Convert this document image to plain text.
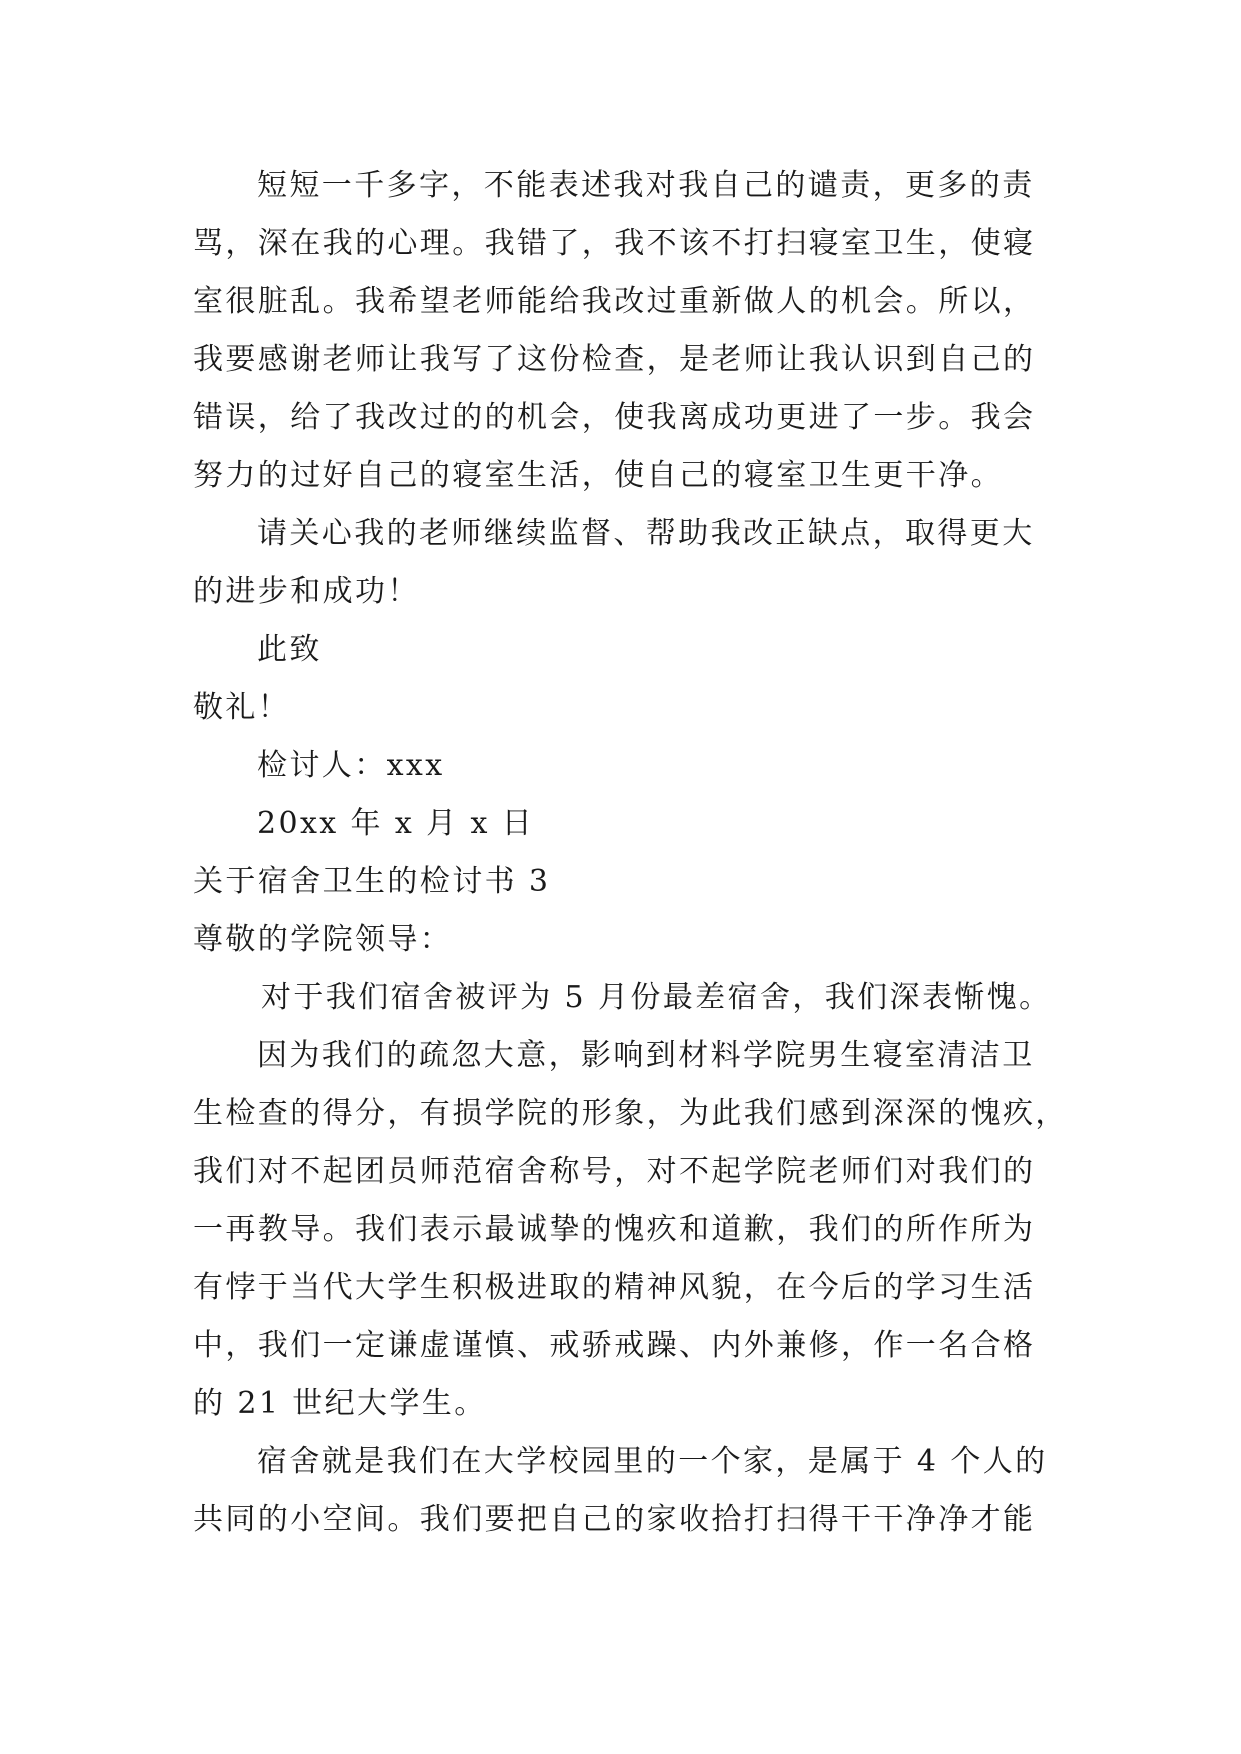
短短一千多字，不能表述我对我自己的谴责，更多的责
骂，深在我的心理。我错了，我不该不打扫寝室卫生，使寝
室很脏乱。我希望老师能给我改过重新做人的机会。所以，
我要感谢老师让我写了这份检查，是老师让我认识到自己的
错误，给了我改过的的机会，使我离成功更进了一步。我会
努力的过好自己的寝室生活，使自己的寝室卫生更干净。
请关心我的老师继续监督、帮助我改正缺点，取得更大
的进步和成功！
此致
敬礼！
检讨人：xxx
20xx 年 x 月 x 日
关于宿舍卫生的检讨书 3
尊敬的学院领导：
对于我们宿舍被评为 5 月份最差宿舍，我们深表惭愧。
因为我们的疏忽大意，影响到材料学院男生寝室清洁卫
生检查的得分，有损学院的形象，为此我们感到深深的愧疚，
我们对不起团员师范宿舍称号，对不起学院老师们对我们的
一再教导。我们表示最诚挚的愧疚和道歉，我们的所作所为
有悖于当代大学生积极进取的精神风貌，在今后的学习生活
中，我们一定谦虚谨慎、戒骄戒躁、内外兼修，作一名合格
的 21 世纪大学生。
宿舍就是我们在大学校园里的一个家，是属于 4 个人的
共同的小空间。我们要把自己的家收拾打扫得干干净净才能
